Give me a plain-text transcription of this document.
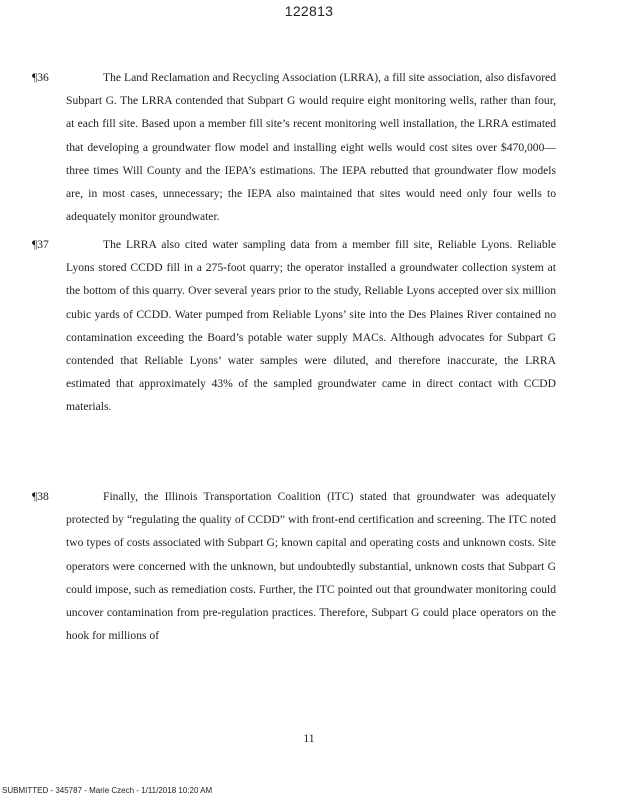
122813
¶36	The Land Reclamation and Recycling Association (LRRA), a fill site association, also disfavored Subpart G. The LRRA contended that Subpart G would require eight monitoring wells, rather than four, at each fill site. Based upon a member fill site’s recent monitoring well installation, the LRRA estimated that developing a groundwater flow model and installing eight wells would cost sites over $470,000—three times Will County and the IEPA’s estimations. The IEPA rebutted that groundwater flow models are, in most cases, unnecessary; the IEPA also maintained that sites would need only four wells to adequately monitor groundwater.

¶37	The LRRA also cited water sampling data from a member fill site, Reliable Lyons. Reliable Lyons stored CCDD fill in a 275-foot quarry; the operator installed a groundwater collection system at the bottom of this quarry. Over several years prior to the study, Reliable Lyons accepted over six million cubic yards of CCDD. Water pumped from Reliable Lyons’ site into the Des Plaines River contained no contamination exceeding the Board’s potable water supply MACs. Although advocates for Subpart G contended that Reliable Lyons’ water samples were diluted, and therefore inaccurate, the LRRA estimated that approximately 43% of the sampled groundwater came in direct contact with CCDD materials.

¶38	Finally, the Illinois Transportation Coalition (ITC) stated that groundwater was adequately protected by “regulating the quality of CCDD” with front-end certification and screening. The ITC noted two types of costs associated with Subpart G; known capital and operating costs and unknown costs. Site operators were concerned with the unknown, but undoubtedly substantial, unknown costs that Subpart G could impose, such as remediation costs. Further, the ITC pointed out that groundwater monitoring could uncover contamination from pre-regulation practices. Therefore, Subpart G could place operators on the hook for millions of

11
SUBMITTED - 345787 - Marie Czech - 1/11/2018 10:20 AM
